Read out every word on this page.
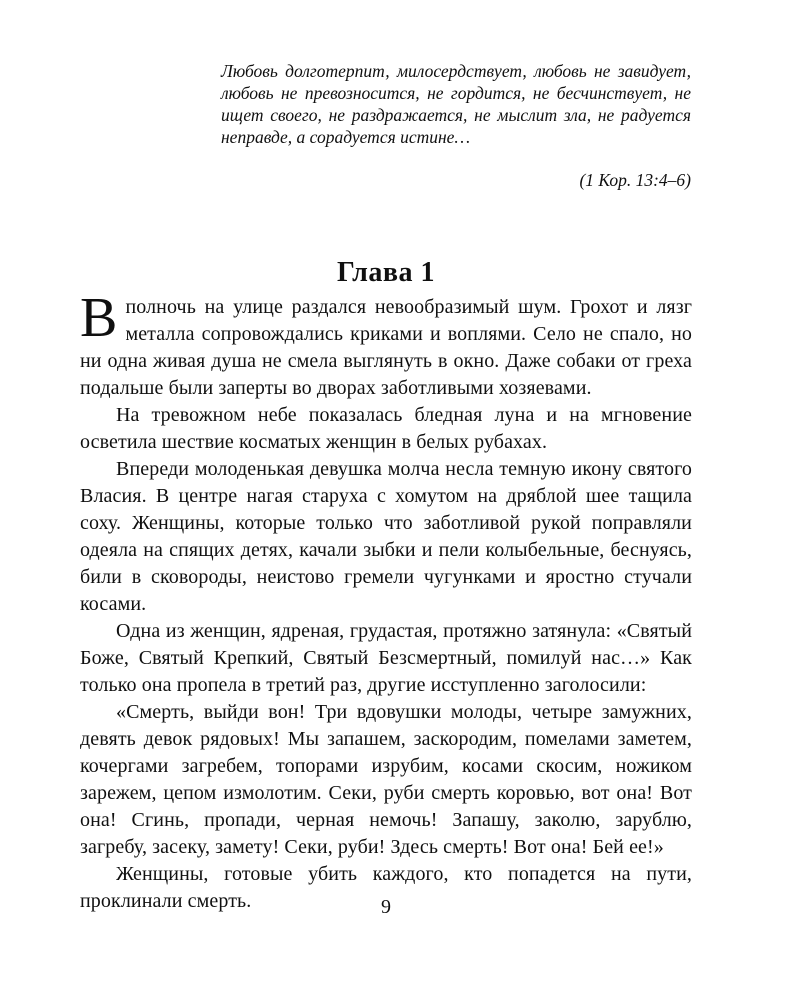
Любовь долготерпит, милосердствует, любовь не завидует, любовь не превозносится, не гордится, не бесчинствует, не ищет своего, не раздражается, не мыслит зла, не радуется неправде, а сорадуется истине…
(1 Кор. 13:4–6)
Глава 1

Вполночь на улице раздался невообразимый шум. Грохот и лязг металла сопровождались криками и воплями. Село не спало, но ни одна живая душа не смела выглянуть в окно. Даже собаки от греха подальше были заперты во дворах заботливыми хозяевами.

На тревожном небе показалась бледная луна и на мгновение осветила шествие косматых женщин в белых рубахах.

Впереди молоденькая девушка молча несла темную икону святого Власия. В центре нагая старуха с хомутом на дряблой шее тащила соху. Женщины, которые только что заботливой рукой поправляли одеяла на спящих детях, качали зыбки и пели колыбельные, беснуясь, били в сковороды, неистово гремели чугунками и яростно стучали косами.

Одна из женщин, ядреная, грудастая, протяжно затянула: «Святый Боже, Святый Крепкий, Святый Безсмертный, помилуй нас…» Как только она пропела в третий раз, другие исступленно заголосили:

«Смерть, выйди вон! Три вдовушки молоды, четыре замужних, девять девок рядовых! Мы запашем, заскородим, помелами заметем, кочергами загребем, топорами изрубим, косами скосим, ножиком зарежем, цепом измолотим. Секи, руби смерть коровью, вот она! Вот она! Сгинь, пропади, черная немочь! Запашу, заколю, зарублю, загребу, засеку, замету! Секи, руби! Здесь смерть! Вот она! Бей ее!»

Женщины, готовые убить каждого, кто попадется на пути, проклинали смерть.	9
